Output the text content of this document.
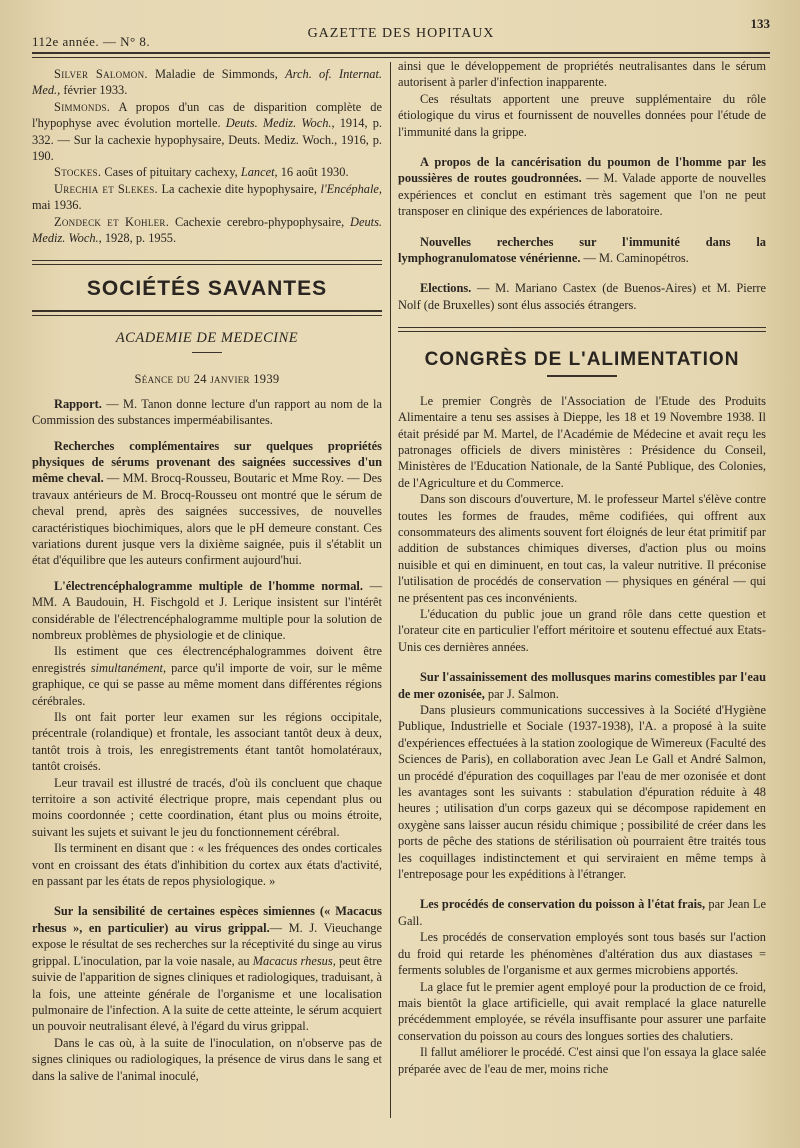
112e année. — N° 8.
GAZETTE DES HOPITAUX
133

Silver Salomon. Maladie de Simmonds, Arch. of. Internat. Med., février 1933.

Simmonds. A propos d'un cas de disparition complète de l'hypophyse avec évolution mortelle. Deuts. Mediz. Woch., 1914, p. 332. — Sur la cachexie hypophysaire, Deuts. Mediz. Woch., 1916, p. 190.

Stockes. Cases of pituitary cachexy, Lancet, 16 août 1930.

Urechia et Slekes. La cachexie dite hypophysaire, l'Encéphale, mai 1936.

Zondeck et Kohler. Cachexie cerebro-phypophysaire, Deuts. Mediz. Woch., 1928, p. 1955.

SOCIÉTÉS SAVANTES
ACADEMIE DE MEDECINE
Séance du 24 janvier 1939

Rapport. — M. Tanon donne lecture d'un rapport au nom de la Commission des substances imperméabilisantes.

Recherches complémentaires sur quelques propriétés physiques de sérums provenant des saignées successives d'un même cheval. — MM. Brocq-Rousseu, Boutaric et Mme Roy. — Des travaux antérieurs de M. Brocq-Rousseu ont montré que le sérum de cheval prend, après des saignées successives, de nouvelles caractéristiques biochimiques, alors que le pH demeure constant. Ces variations durent jusque vers la dixième saignée, puis il s'établit un état d'équilibre que les auteurs confirment aujourd'hui.

L'électrencéphalogramme multiple de l'homme normal. — MM. A Baudouin, H. Fischgold et J. Lerique insistent sur l'intérêt considérable de l'électrencéphalogramme multiple pour la solution de nombreux problèmes de physiologie et de clinique.

Ils estiment que ces électrencéphalogrammes doivent être enregistrés simultanément, parce qu'il importe de voir, sur le même graphique, ce qui se passe au même moment dans différentes régions cérébrales.

Ils ont fait porter leur examen sur les régions occipitale, précentrale (rolandique) et frontale, les associant tantôt deux à deux, tantôt trois à trois, les enregistrements étant tantôt homolatéraux, tantôt croisés.

Leur travail est illustré de tracés, d'où ils concluent que chaque territoire a son activité électrique propre, mais cependant plus ou moins coordonnée ; cette coordination, étant plus ou moins étroite, suivant les sujets et suivant le jeu du fonctionnement cérébral.

Ils terminent en disant que : « les fréquences des ondes corticales vont en croissant des états d'inhibition du cortex aux états d'activité, en passant par les états de repos physiologique. »

Sur la sensibilité de certaines espèces simiennes (« Macacus rhesus », en particulier) au virus grippal.— M. J. Vieuchange expose le résultat de ses recherches sur la réceptivité du singe au virus grippal. L'inoculation, par la voie nasale, au Macacus rhesus, peut être suivie de l'apparition de signes cliniques et radiologiques, traduisant, à la fois, une atteinte générale de l'organisme et une localisation pulmonaire de l'infection. A la suite de cette atteinte, le sérum acquiert un pouvoir neutralisant élevé, à l'égard du virus grippal.

Dans le cas où, à la suite de l'inoculation, on n'observe pas de signes cliniques ou radiologiques, la présence de virus dans le sang et dans la salive de l'animal inoculé,

ainsi que le développement de propriétés neutralisantes dans le sérum autorisent à parler d'infection inapparente.

Ces résultats apportent une preuve supplémentaire du rôle étiologique du virus et fournissent de nouvelles données pour l'étude de l'immunité dans la grippe.

A propos de la cancérisation du poumon de l'homme par les poussières de routes goudronnées. — M. Valade apporte de nouvelles expériences et conclut en estimant très sagement que l'on ne peut transposer en clinique des expériences de laboratoire.

Nouvelles recherches sur l'immunité dans la lymphogranulomatose vénérienne. — M. Caminopétros.

Elections. — M. Mariano Castex (de Buenos-Aires) et M. Pierre Nolf (de Bruxelles) sont élus associés étrangers.

CONGRÈS DE L'ALIMENTATION

Le premier Congrès de l'Association de l'Etude des Produits Alimentaire a tenu ses assises à Dieppe, les 18 et 19 Novembre 1938. Il était présidé par M. Martel, de l'Académie de Médecine et avait reçu les patronages officiels de divers ministères : Présidence du Conseil, Ministères de l'Education Nationale, de la Santé Publique, des Colonies, de l'Agriculture et du Commerce.

Dans son discours d'ouverture, M. le professeur Martel s'élève contre toutes les formes de fraudes, même codifiées, qui offrent aux consommateurs des aliments souvent fort éloignés de leur état primitif par addition de substances chimiques diverses, d'action plus ou moins nuisible et qui en diminuent, en tout cas, la valeur nutritive. Il préconise l'utilisation de procédés de conservation — physiques en général — qui ne présentent pas ces inconvénients.

L'éducation du public joue un grand rôle dans cette question et l'orateur cite en particulier l'effort méritoire et soutenu effectué aux Etats-Unis ces dernières années.

Sur l'assainissement des mollusques marins comestibles par l'eau de mer ozonisée, par J. Salmon.

Dans plusieurs communications successives à la Société d'Hygiène Publique, Industrielle et Sociale (1937-1938), l'A. a proposé à la suite d'expériences effectuées à la station zoologique de Wimereux (Faculté des Sciences de Paris), en collaboration avec Jean Le Gall et André Salmon, un procédé d'épuration des coquillages par l'eau de mer ozonisée et dont les avantages sont les suivants : stabulation d'épuration réduite à 48 heures ; utilisation d'un corps gazeux qui se décompose rapidement en oxygène sans laisser aucun résidu chimique ; possibilité de créer dans les ports de pêche des stations de stérilisation où pourraient être traités tous les coquillages indistinctement et qui serviraient en même temps à l'entreposage pour les expéditions à l'étranger.

Les procédés de conservation du poisson à l'état frais, par Jean Le Gall.

Les procédés de conservation employés sont tous basés sur l'action du froid qui retarde les phénomènes d'altération dus aux diastases = ferments solubles de l'organisme et aux germes microbiens apportés.

La glace fut le premier agent employé pour la production de ce froid, mais bientôt la glace artificielle, qui avait remplacé la glace naturelle précédemment employée, se révéla insuffisante pour assurer une parfaite conservation du poisson au cours des longues sorties des chalutiers.

Il fallut améliorer le procédé. C'est ainsi que l'on essaya la glace salée préparée avec de l'eau de mer, moins riche
